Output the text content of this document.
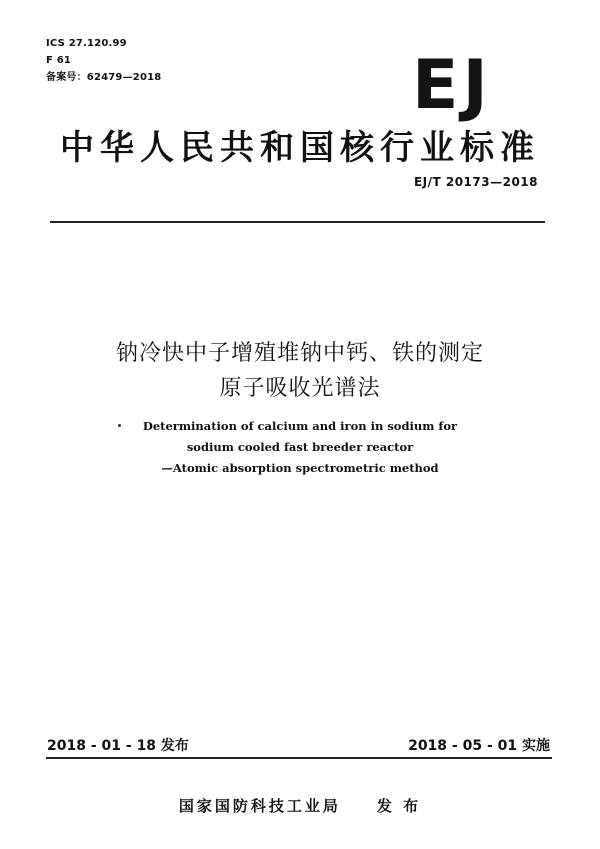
ICS 27.120.99
F 61
备案号：62479—2018	EJ
中华人民共和国核行业标准
EJ/T 20173—2018
钠冷快中子增殖堆钠中钙、铁的测定
原子吸收光谱法
Determination of calcium and iron in sodium for
sodium cooled fast breeder reactor
—Atomic absorption spectrometric method
2018 - 01 - 18 发布	2018 - 05 - 01 实施
国家国防科技工业局　　发 布
